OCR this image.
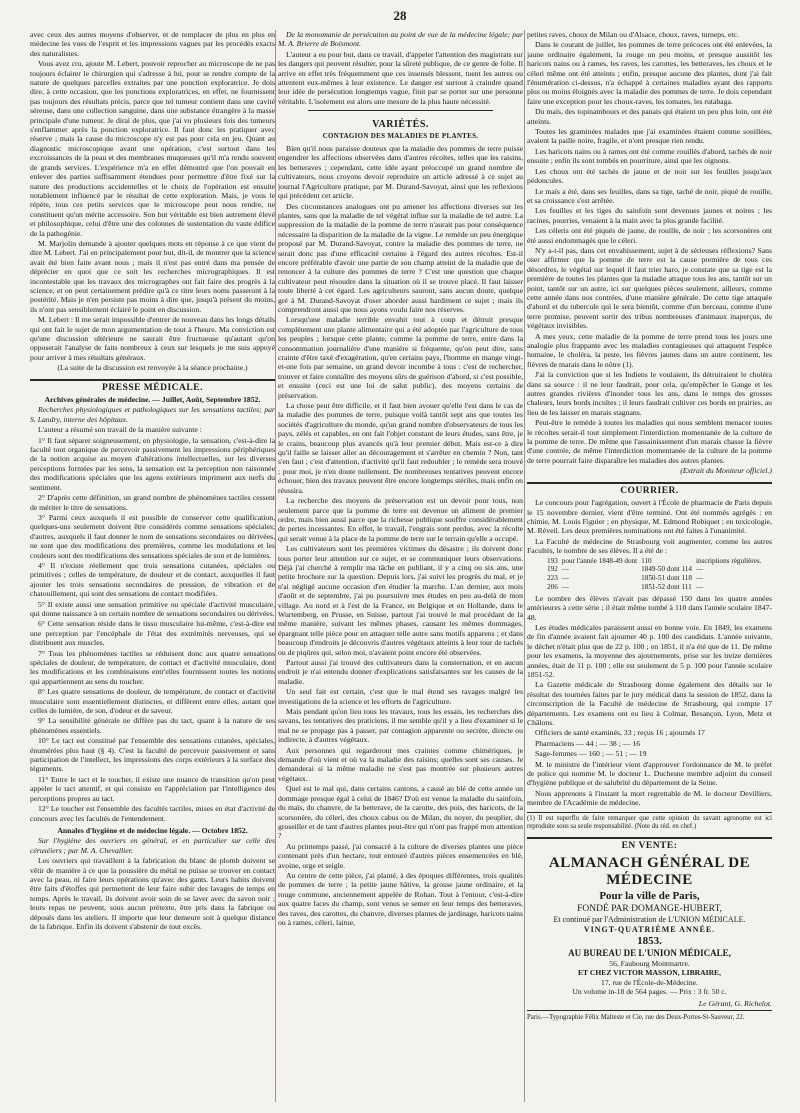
28

avec ceux des autres moyens d'observer, et de remplacer de plus en plus en médecine les vues de l'esprit et les impressions vagues par les procédés exacts des naturalistes.

Vous avez cru, ajoute M. Lebert, pouvoir reprocher au microscope de ne pas toujours éclairer le chirurgien qui s'adresse à lui, pour se rendre compte de la nature de quelques parcelles extraites par une ponction exploratrice. Je dois dire, à cette occasion, que les ponctions exploratrices, en effet, ne fournissent pas toujours des résultats précis, parce que tel tumeur contient dans une cavité séreuse, dans une collection sanguine, dans une substance étrangère à la masse principale d'une tumeur. Je dirai de plus, que j'ai vu plusieurs fois des tumeurs s'enflammer après la ponction exploratrice. Il faut donc les pratiquer avec réserve ; mais la cause du microscope n'y est pas pour cela en jeu. Quant au diagnostic microscopique avant une opération, c'est surtout dans les excroissances de la peau et des membranes muqueuses qu'il m'a rendu souvent de grands services. L'expérience m'a en effet démontré que l'on pouvait en enlever des parties suffisamment étendues pour permettre d'être fixé sur la nature des productions accidentelles et le choix de l'opération est ensuite notablement influencé par le résultat de cette exploration. Mais, je vous le répète, tous ces petits services que le microscope peut nous rendre, ne constituent qu'un mérite accessoire. Son but véritable est bien autrement élevé et philosophique, celui d'être une des colonnes de sustentation du vaste édifice de la pathogénie.

M. Marjolin demande à ajouter quelques mots en réponse à ce que vient de dire M. Lebert. J'ai en principalement pour but, dit-il, de montrer que la science avait été bien faite avant nous ; mais il n'est pas entré dans ma pensée de déprécier en quoi que ce soit les recherches micrographiques. Il est incontestable que les travaux des micrographes ont fait faire des progrès à la science, et on peut certainement prédire qu'à ce titre leurs noms passeront à la postérité. Mais je n'en persiste pas moins à dire que, jusqu'à présent du moins, ils n'ont pas sensiblement éclairé le point en discussion.

M. Lebert : Il me serait impossible d'entrer de nouveau dans les longs détails qui ont fait le sujet de mon argumentation de tout à l'heure. Ma conviction est qu'une discussion ultérieure ne saurait être fructueuse qu'autant qu'on opposerait l'analyse de faits nombreux à ceux sur lesquels je me suis appuyé pour arriver à mes résultats généraux.

(La suite de la discussion est renvoyée à la séance prochaine.)

PRESSE MÉDICALE.

Archives générales de médecine. — Juillet, Août, Septembre 1852.

Recherches physiologiques et pathologiques sur les sensations tactiles; par S. Landry, interne des hôpitaux.

L'auteur a résumé son travail de la manière suivante :

1° Il faut séparer soigneusement, en physiologie, la sensation, c'est-à-dire la faculté tout organique de percevoir passivement les impressions périphériques de la notion acquise au moyen d'altérations intellectuelles, sur les diverses perceptions formées par les sens, la sensation est la perception non raisonnée des modifications spéciales que les agens extérieurs impriment aux nerfs du sentiment.

2° D'après cette définition, un grand nombre de phénomènes tactiles cessent de mériter le titre de sensations.

3° Parmi ceux auxquels il est possible de conserver cette qualification, quelques-uns seulement doivent être considérés comme sensations spéciales; d'autres, auxquels il faut donner le nom de sensations secondaires ou dérivées, ne sont que des modifications des premières, comme les modulations et les couleurs sont des modifications des sensations spéciales de son et de lumières.

4° Il n'existe réellement que trois sensations cutanées, spéciales ou primitives ; celles de température, de douleur et de contact, auxquelles il faut ajouter les trois sensations secondaires de pression, de vibration et de chatouillement, qui sont des sensations de contact modifiées.

5° Il existe aussi une sensation primitive ou spéciale d'activité musculaire, qui donne naissance à un certain nombre de sensations secondaires ou dérivées.

6° Cette sensation réside dans le tissu musculaire lui-même, c'est-à-dire est une perception par l'encéphale de l'état des extrémités nerveuses, qui se distribuent aux muscles.

7° Tous les phénomènes tactiles se réduisent donc aux quatre sensations spéciales de douleur, de température, de contact et d'activité musculaire, dont les modifications et les combinaisons entr'elles fournissent toutes les notions qui appartiennent au sens du toucher.

8° Les quatre sensations de douleur, de température, de contact et d'activité musculaire sont essentiellement distinctes, et diffèrent entre elles, autant que celles de lumière, de son, d'odeur et de saveur.

9° La sensibilité générale ne diffère pas du tact, quant à la nature de ses phénomènes essentiels.

10° Le tact est constitué par l'ensemble des sensations cutanées, spéciales, énumérées plus haut (§ 4). C'est la faculté de percevoir passivement et sans participation de l'intellect, les impressions des corps extérieurs à la surface des téguments.

11° Entre le tact et le toucher, il existe une nuance de transition qu'on peut appeler le tact attentif, et qui consiste en l'appréciation par l'intelligence des perceptions propres au tact.

12° Le toucher est l'ensemble des facultés tactiles, mises en état d'activité de concours avec les facultés de l'entendement.

Annales d'hygiène et de médecine légale. — Octobre 1852.

Sur l'hygiène des ouvriers en général, et en particulier sur celle des céruséiers ; par M. A. Chevallier.

Les ouvriers qui travaillent à la fabrication du blanc de plomb doivent se vêtir de manière à ce que la poussière du métal ne puisse se trouver en contact avec la peau, ni faire leurs opérations qu'avec des gants. Leurs habits doivent être faits d'étoffes qui permettent de leur faire subir des lavages de temps en temps. Après le travail, ils doivent avoir soin de se laver avec du savon noir ; leurs repas ne peuvent, sous aucun prétexte, être pris dans la fabrique ou déposés dans les ateliers. Il importe que leur demeure soit à quelque distance de la fabrique. Enfin ils doivent s'abstenir de tout excès.

De la monomanie de persécution au point de vue de la médecine légale; par M. A. Brierre de Boismont.

L'auteur a eu pour but, dans ce travail, d'appeler l'attention des magistrats sur les dangers qui peuvent résulter, pour la sûreté publique, de ce genre de folie. Il arrive en effet très fréquemment que ces insensés blessent, tuent les autres ou attentent eux-mêmes à leur existence. Le danger est surtout à craindre quand leur idée de persécution longtemps vague, finit par se porter sur une personne véritable. L'isolement est alors une mesure de la plus haute nécessité.

VARIÉTÉS.
CONTAGION DES MALADIES DE PLANTES.

Bien qu'il nous paraisse douteux que la maladie des pommes de terre puisse engendrer les affections observées dans d'autres récoltes, telles que les raisins, les betteraves ; cependant, cette idée ayant préoccupé un grand nombre de cultivateurs, nous croyons devoir reproduire un article adressé à ce sujet au journal l'Agriculture pratique, par M. Durand-Savoyat, ainsi que les reflexions qui précèdent cet article.

Des circonstances analogues ont pu amener les affections diverses sur les plantes, sans que la maladie de tel végétal influe sur la maladie de tel autre. La suppression de la maladie de la pomme de terre n'aurait pas pour conséquence nécessaire la disparition de la maladie de la vigne. Le remède un peu énergique proposé par M. Durand-Savoyat, contre la maladie des pommes de terre, ne serait donc pas d'une efficacité certaine à l'égard des autres récoltes. Est-il encore préférable d'avoir une partie de son champ atteint de la maladie que de renoncer à la culture des pommes de terre ? C'est une question que chaque cultivateur peut résoudre dans la situation où il se trouve placé. Il faut laisser toute liberté à cet égard. Les agriculteurs sauront, sans aucun doute, quelque gré à M. Durand-Savoyat d'oser aborder aussi hardiment ce sujet ; mais ils comprendront aussi que nous ayons voulu faire nos réserves.

Lorsqu'une maladie terrible envahit tout à coup et détruit presque complètement une plante alimentaire qui a été adoptée par l'agriculture de tous les peuples ; lorsque cette plante, comme la pomme de terre, entre dans la consommation journalière d'une manière si fréquente, qu'on peut dire, sans crainte d'être taxé d'exagération, qu'en certains pays, l'homme en mange vingt-et-une fois par semaine, un grand devoir incombe à tous : c'est de rechercher, trouver et faire connaître des moyens sûrs de guérison d'abord, si c'est possible, et ensuite (ceci est une loi de salut public), des moyens certains de préservation.

La chose peut être difficile, et il faut bien avouer qu'elle l'est dans le cas de la maladie des pommes de terre, puisque voilà tantôt sept ans que toutes les sociétés d'agriculture du monde, qu'un grand nombre d'observateurs de tous les pays, zélés et capables, en ont fait l'objet constant de leurs études, sans être, je le crains, beaucoup plus avancés qu'à leur premier début. Mais est-ce à dire qu'il faille se laisser aller au découragement et s'arrêter en chemin ? Non, tant s'en faut ; c'est d'attention, d'activité qu'il faut redoubler ; le remède sera trouvé ; pour moi, je n'en doute nullement. De nombreuses tentatives peuvent encore échouer, bien des travaux peuvent être encore longtemps stériles, mais enfin on réussira.

La recherche des moyens de préservation est un devoir pour tous, non seulement parce que la pomme de terre est devenue un aliment de premier ordre, mais bien aussi parce que la richesse publique souffre considérablement de pertes incessantes. En effet, le travail, l'engrais sont perdus, avec la récolte qui serait venue à la place de la pomme de terre sur le terrain qu'elle a occupé.

Les cultivateurs sont les premières victimes du désastre ; ils doivent donc tous porter leur attention sur ce sujet, et se communiquer leurs observations. Déjà j'ai cherché à remplir ma tâche en publiant, il y a cinq ou six ans, une petite brochure sur la question. Depuis lors, j'ai suivi les progrès du mal, et je n'ai négligé aucune occasion d'en étudier la marche. L'an dernier, aux mois d'août et de septembre, j'ai pu poursuivre mes études en peu au-delà de mon village. Au nord et à l'est de la France, en Belgique et en Hollande, dans le Wurtemberg, en Prusse, en Suisse, partout j'ai trouvé le mal procédant de la même manière, suivant les mêmes phases, causant les mêmes dommages, épargnant telle pièce pour en attaquer telle autre sans motifs apparens ; et dans beaucoup d'endroits je découvris d'autres végétaux atteints à leur tour de tachés ou de piqûres qui, selon moi, n'avaient point encore été observées.

Partout aussi j'ai trouvé des cultivateurs dans la consternation, et en aucun endroit je n'ai entendu donner d'explications satisfaisantes sur les causes de la maladie.

Un seul fait est certain, c'est que le mal étend ses ravages malgré les investigations de la science et les efforts de l'agriculture.

Mais pendant qu'on lieu tous les travaux, tous les essais, les recherches des savans, les tentatives des praticiens, il me semble qu'il y a lieu d'examiner si le mal ne se propage pas à passer, par contagion apparente ou secrète, directe ou indirecte, à d'autres végétaux.

Aux personnes qui regarderont mes craintes comme chimériques, je demande d'où vient et où va la maladie des raisins; quelles sont ses causes. Je demanderai si la même maladie ne s'est pas montrée sur plusieurs autres végétaux.

Quel est le mal qui, dans certains cantons, a causé au blé de cette année un dommage presque égal à celui de 1846? D'où est venue la maladie du sainfoin, du maïs, du chanvre, de la betterave, de la carotte, des pois, des haricots, de la scorsonère, du céleri, des choux cabus ou de Milan, du noyer, du peuplier, du groseiller et de tant d'autres plantes peut-être qui n'ont pas frappé mon attention ?

Au printemps passé, j'ai consacré à la culture de diverses plantes une pièce contenant près d'un hectare, tout entouré d'autres pièces ensemencées en blé, avoine, orge et seigle.

Au centre de cette pièce, j'ai planté, à des époques différentes, trois qualités de pommes de terre ; la petite jaune hâtive, la grosse jaune ordinaire, et la rouge commune, anciennement appelée de Rohan. Tout à l'entour, c'est-à-dire aux quatre faces du champ, sont venus se semer en leur temps des betteraves, des raves, des carottes, du chanvre, diverses plantes de jardinage, haricots nains ou à rames, céleri, laitue,

petites raves, choux de Milan ou d'Alsace, choux, raves, turneps, etc.

Dans le courant de juillet, les pommes de terre précoces ont été enlevées, la jaune ordinaire également, la rouge un peu moins, et presque aussitôt les haricots nains ou à rames, les raves, les carottes, les betteraves, les choux et le céleri même ont été atteints ; enfin, presque aucune des plantes, dont j'ai fait l'énumération ci-dessus, n'a échappé à certaines maladies ayant des rapports plus ou moins éloignés avec la maladie des pommes de terre. Je dois cependant faire une exception pour les choux-raves, les tomates, les rutabaga.

Du maïs, des topinambours et des panais qui étaient un peu plus loin, ont été atteints.

Toutes les graminées malades que j'ai examinées étaient comme souillées, avaient la paille noire, fragile, et n'ont presque rien rendu.

Les haricots nains ou à rames ont été comme rouillés d'abord, tachés de noir ensuite ; enfin ils sont tombés en pourriture, ainsi que les oignons.

Les choux ont été tachés de jaune et de noir sur les feuilles jusqu'aux pédoncules.

Le maïs a été, dans ses feuilles, dans sa tige, taché de noir, piqué de rouille, et sa croissance s'est arrêtée.

Les feuilles et les tiges du sainfoin sont devenues jaunes et noires ; les racines, pourries, venaient à la main avec la plus grande facilité.

Les céleris ont été piqués de jaune, de rouille, de noir ; les scorsonères ont été aussi endommagés que le céleri.

N'y a-t-il pas, dans cet envahissement, sujet à de sérieuses réflexions? Sans oser affirmer que la pomme de terre est la cause première de tous ces désordres, le végétal sur lequel il faut trier haro, je constate que sa tige est la première de toutes les plantes que la maladie attaque tous les ans, tantôt sur un point, tantôt sur un autre, ici sur quelques pièces seulement, ailleurs, comme cette année dans nos contrées, d'une manière générale. De cette tige attaquée d'abord et du tubercule qui le sera bientôt, comme d'un berceau, comme d'une terre promise, peuvent sortir des tribus nombreuses d'animaux inaperçus, de végétaux invisibles.

A mes yeux, cette maladie de la pomme de terre prend tous les jours une analogie plus frappante avec les maladies contagieuses qui attaquent l'espèce humaine, le choléra, la peste, les fièvres jaunes dans un autre continent, les fièvres de marais dans le nôtre (1).

J'ai la conviction que si les Indiens le voulaient, ils détruiraient le choléra dans sa source : il ne leur faudrait, pour cela, qu'empêcher le Gange et les autres grandes rivières d'inonder tous les ans, dans le temps des grosses chaleurs, leurs bords incultes ; il leurs faudrait cultiver ces bords en prairies, au lieu de les laisser en marais stagnans.

Peut-être le remède à toutes les maladies qui nous semblent menacer toutes le récoltes serait-il tout simplement l'interdiction momentanée de la culture de la pomme de terre. De même que l'assainissement d'un marais chasse la fièvre d'une contrée, de même l'interdiction momentanée de la culture de la pomme de terre pourrait faire disparaître les maladies des autres plantes.

(Extrait du Moniteur officiel.)

COURRIER.

Le concours pour l'agrégation, ouvert à l'École de pharmacie de Paris depuis le 15 novembre dernier, vient d'être terminé. Ont été nommés agrégés : en chimie, M. Louis Figuier ; en physique, M. Edmond Robiquet ; en toxicologie, M. Réveil. Les deux premières nominations ont été faites à l'unanimité.

La Faculté de médecine de Strasbourg voit augmenter, comme les autres Facultés, le nombre de ses élèves. Il a été de :

193	pour l'année 1848-49 dont	110	inscriptions régulières.
192	—	1849-50 dont 114	—
223	—	1850-51 dont 118	—
206	—	1851-52 dont 111	—

Le nombre des élèves n'avait pas dépassé 150 dans les quatre années antérieures à cette série ; il était même tombé à 110 dans l'année scolaire 1847-48.

Les études médicales paraissent aussi en bonne voie. En 1849, les examens de fin d'année avaient fait ajourner 40 p. 100 des candidats. L'année suivante, le déchet n'était plus que de 22 p. 100 ; en 1851, il n'a été que de 11. De même pour les examens, la moyenne des ajournements, prise sur les treize dernières années, était de 11 p. 100 ; elle est seulement de 5 p. 100 pour l'année scolaire 1851-52.

La Gazette médicale de Strasbourg donne également des détails sur le résultat des tournées faites par le jury médical dans la session de 1852, dans la circonscription de la Faculté de médecine de Strasbourg, qui compte 17 départements. Les examens ont eu lieu à Colmar, Besançon, Lyon, Metz et Châlons.

Officiers de santé examinés, 33 ; reçus 16 ; ajournés 17

Pharmaciens — 44 ; — 38 ; — 16

Sage-femmes — 160 ; — 51 ; — 19

M. le ministre de l'intérieur vient d'approuver l'ordonnance de M. le préfet de police qui nomme M. le docteur L. Duchesne membre adjoint du conseil d'hygiène publique et de salubrité du département de la Seine.

Nous apprenons à l'instant la mort regrettable de M. le docteur Devilliers, membre de l'Académie de médecine.

(1) Il est superflu de faire remarquer que cette opinion du savant agronome est ici reproduite sous sa seule responsabilité. (Note du réd. en chef.)
EN VENTE:
ALMANACH GÉNÉRAL DE MÉDECINE
Pour la ville de Paris,
FONDÉ PAR DOMANGE-HUBERT,
Et continué par l'Administration de L'UNION MÉDICALE.
VINGT-QUATRIÈME ANNÉE.
1853.
AU BUREAU DE L'UNION MÉDICALE,
56, Faubourg Montmartre.
ET CHEZ VICTOR MASSON, LIBRAIRE,
17, rue de l'École-de-Médecine.
Un volume in-18 de 564 pages. — Prix : 3 fr. 50 c.
Le Gérant, G. Richelot.
Paris.—Typographie Félix Malteste et Cie, rue des Deux-Portes-St-Sauveur, 22.
